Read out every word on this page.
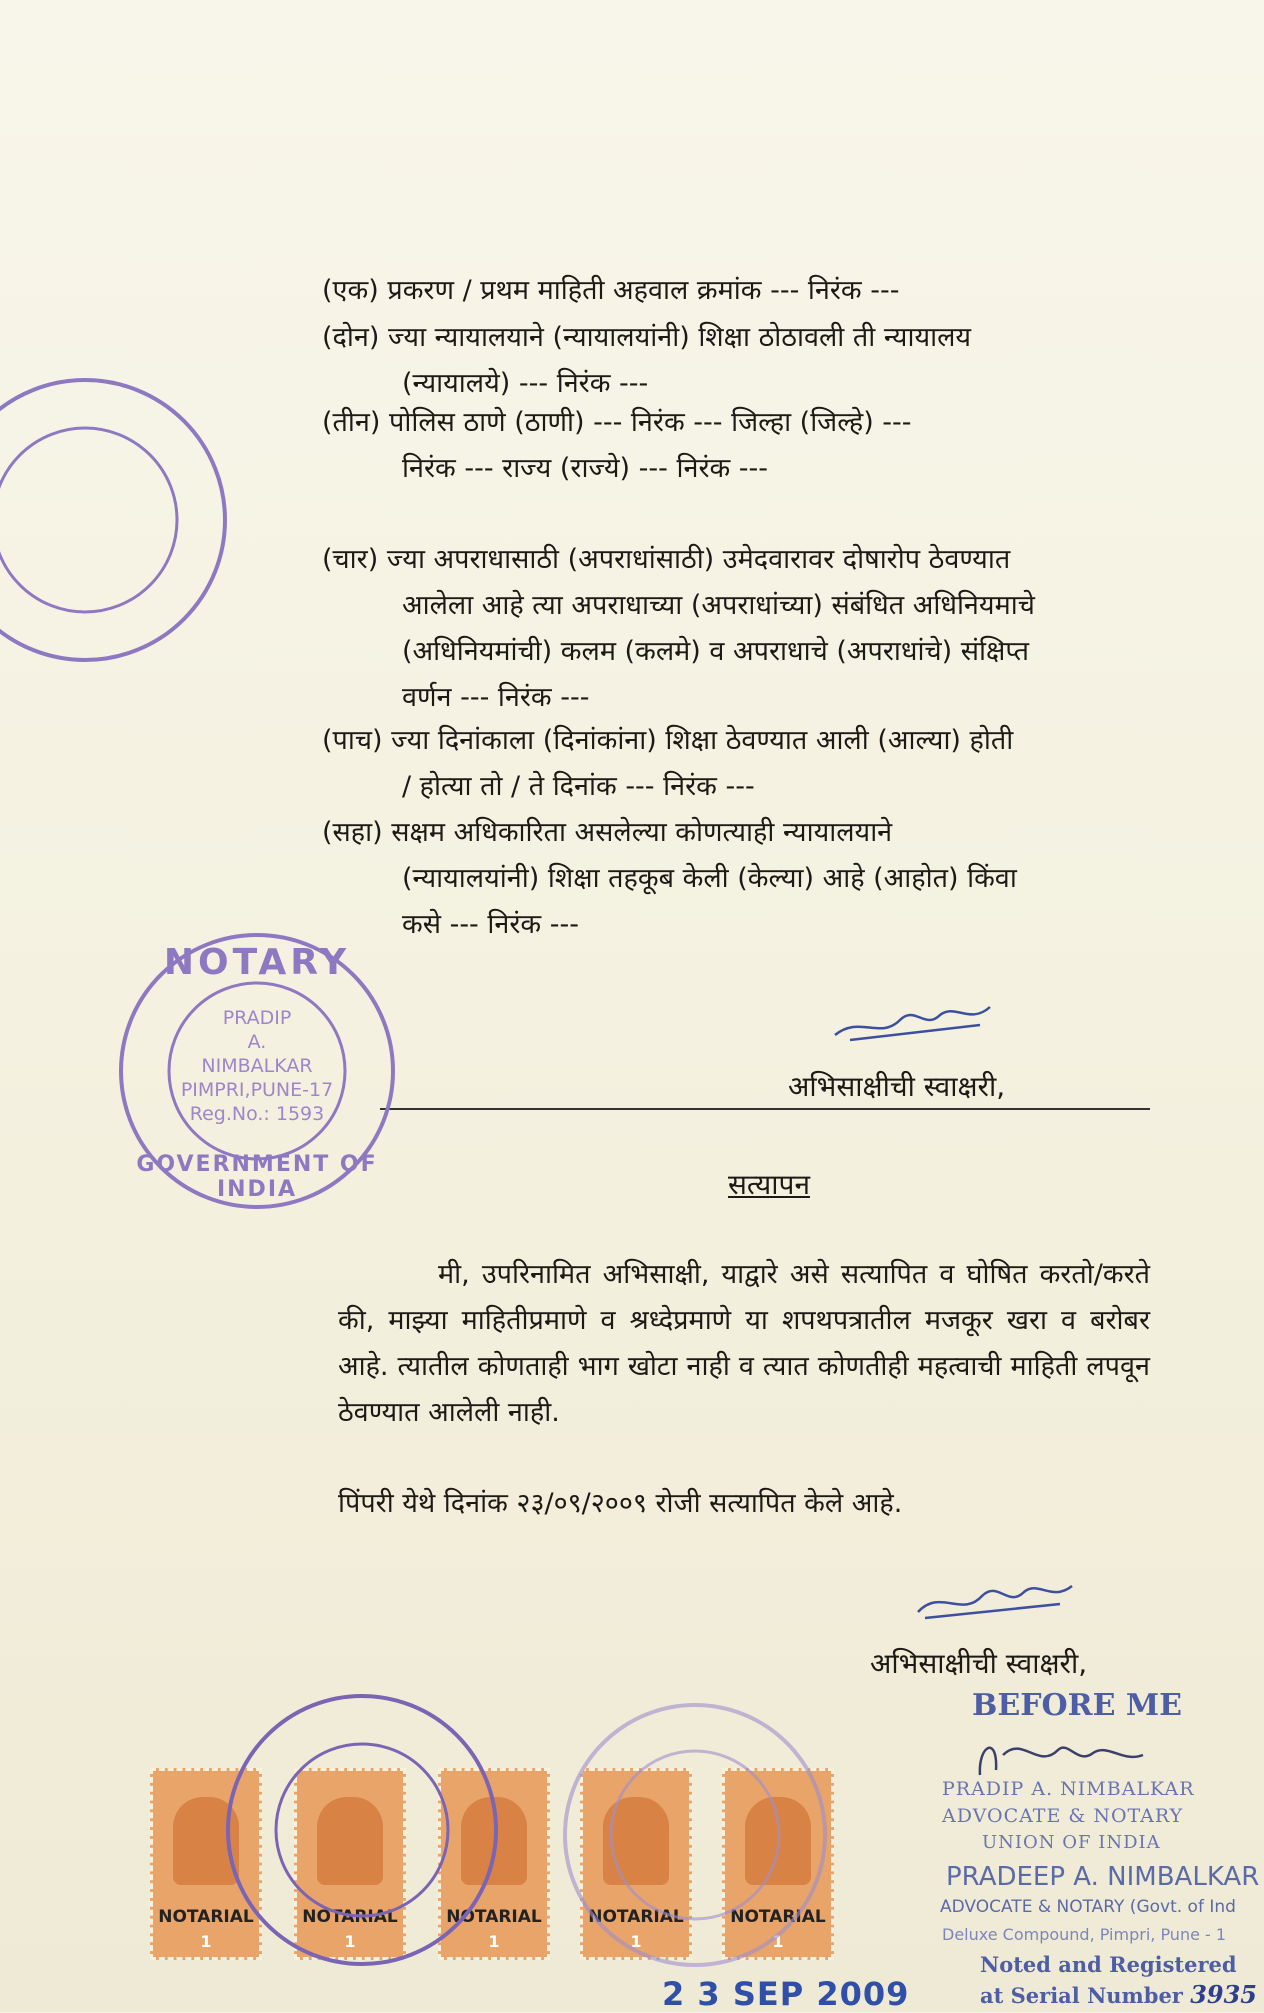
(एक) प्रकरण / प्रथम माहिती अहवाल क्रमांक --- निरंक ---
(दोन) ज्या न्यायालयाने (न्यायालयांनी) शिक्षा ठोठावली ती न्यायालय
(न्यायालये) --- निरंक ---
(तीन) पोलिस ठाणे (ठाणी) --- निरंक --- जिल्हा (जिल्हे) ---
निरंक --- राज्य (राज्ये) --- निरंक ---
(चार) ज्या अपराधासाठी (अपराधांसाठी) उमेदवारावर दोषारोप ठेवण्यात
आलेला आहे त्या अपराधाच्या (अपराधांच्या) संबंधित अधिनियमाचे
(अधिनियमांची) कलम (कलमे) व अपराधाचे (अपराधांचे) संक्षिप्त
वर्णन --- निरंक ---
(पाच) ज्या दिनांकाला (दिनांकांना) शिक्षा ठेवण्यात आली (आल्या) होती
/ होत्या तो / ते दिनांक --- निरंक ---
(सहा) सक्षम अधिकारिता असलेल्या कोणत्याही न्यायालयाने
(न्यायालयांनी) शिक्षा तहकूब केली (केल्या) आहे (आहोत) किंवा
कसे --- निरंक ---
अभिसाक्षीची स्वाक्षरी,
सत्यापन

मी, उपरिनामित अभिसाक्षी, याद्वारे असे सत्यापित व घोषित करतो/करते की, माझ्या माहितीप्रमाणे व श्रध्देप्रमाणे या शपथपत्रातील मजकूर खरा व बरोबर आहे. त्यातील कोणताही भाग खोटा नाही व त्यात कोणतीही महत्वाची माहिती लपवून ठेवण्यात आलेली नाही.

पिंपरी येथे दिनांक २३/०९/२००९ रोजी सत्यापित केले आहे.
अभिसाक्षीची स्वाक्षरी,
NOTARY
PRADIP
A.
NIMBALKAR
PIMPRI,PUNE-17
Reg.No.: 1593
GOVERNMENT OF INDIA
NOTARIAL
1
NOTARIAL
1
NOTARIAL
1
NOTARIAL
1
NOTARIAL
1
2 3 SEP 2009
BEFORE ME
PRADIP A. NIMBALKAR
ADVOCATE & NOTARY
UNION OF INDIA
PRADEEP A. NIMBALKAR
ADVOCATE & NOTARY (Govt. of Ind
Deluxe Compound, Pimpri, Pune - 1
Noted and Registered
at Serial Number 3935
